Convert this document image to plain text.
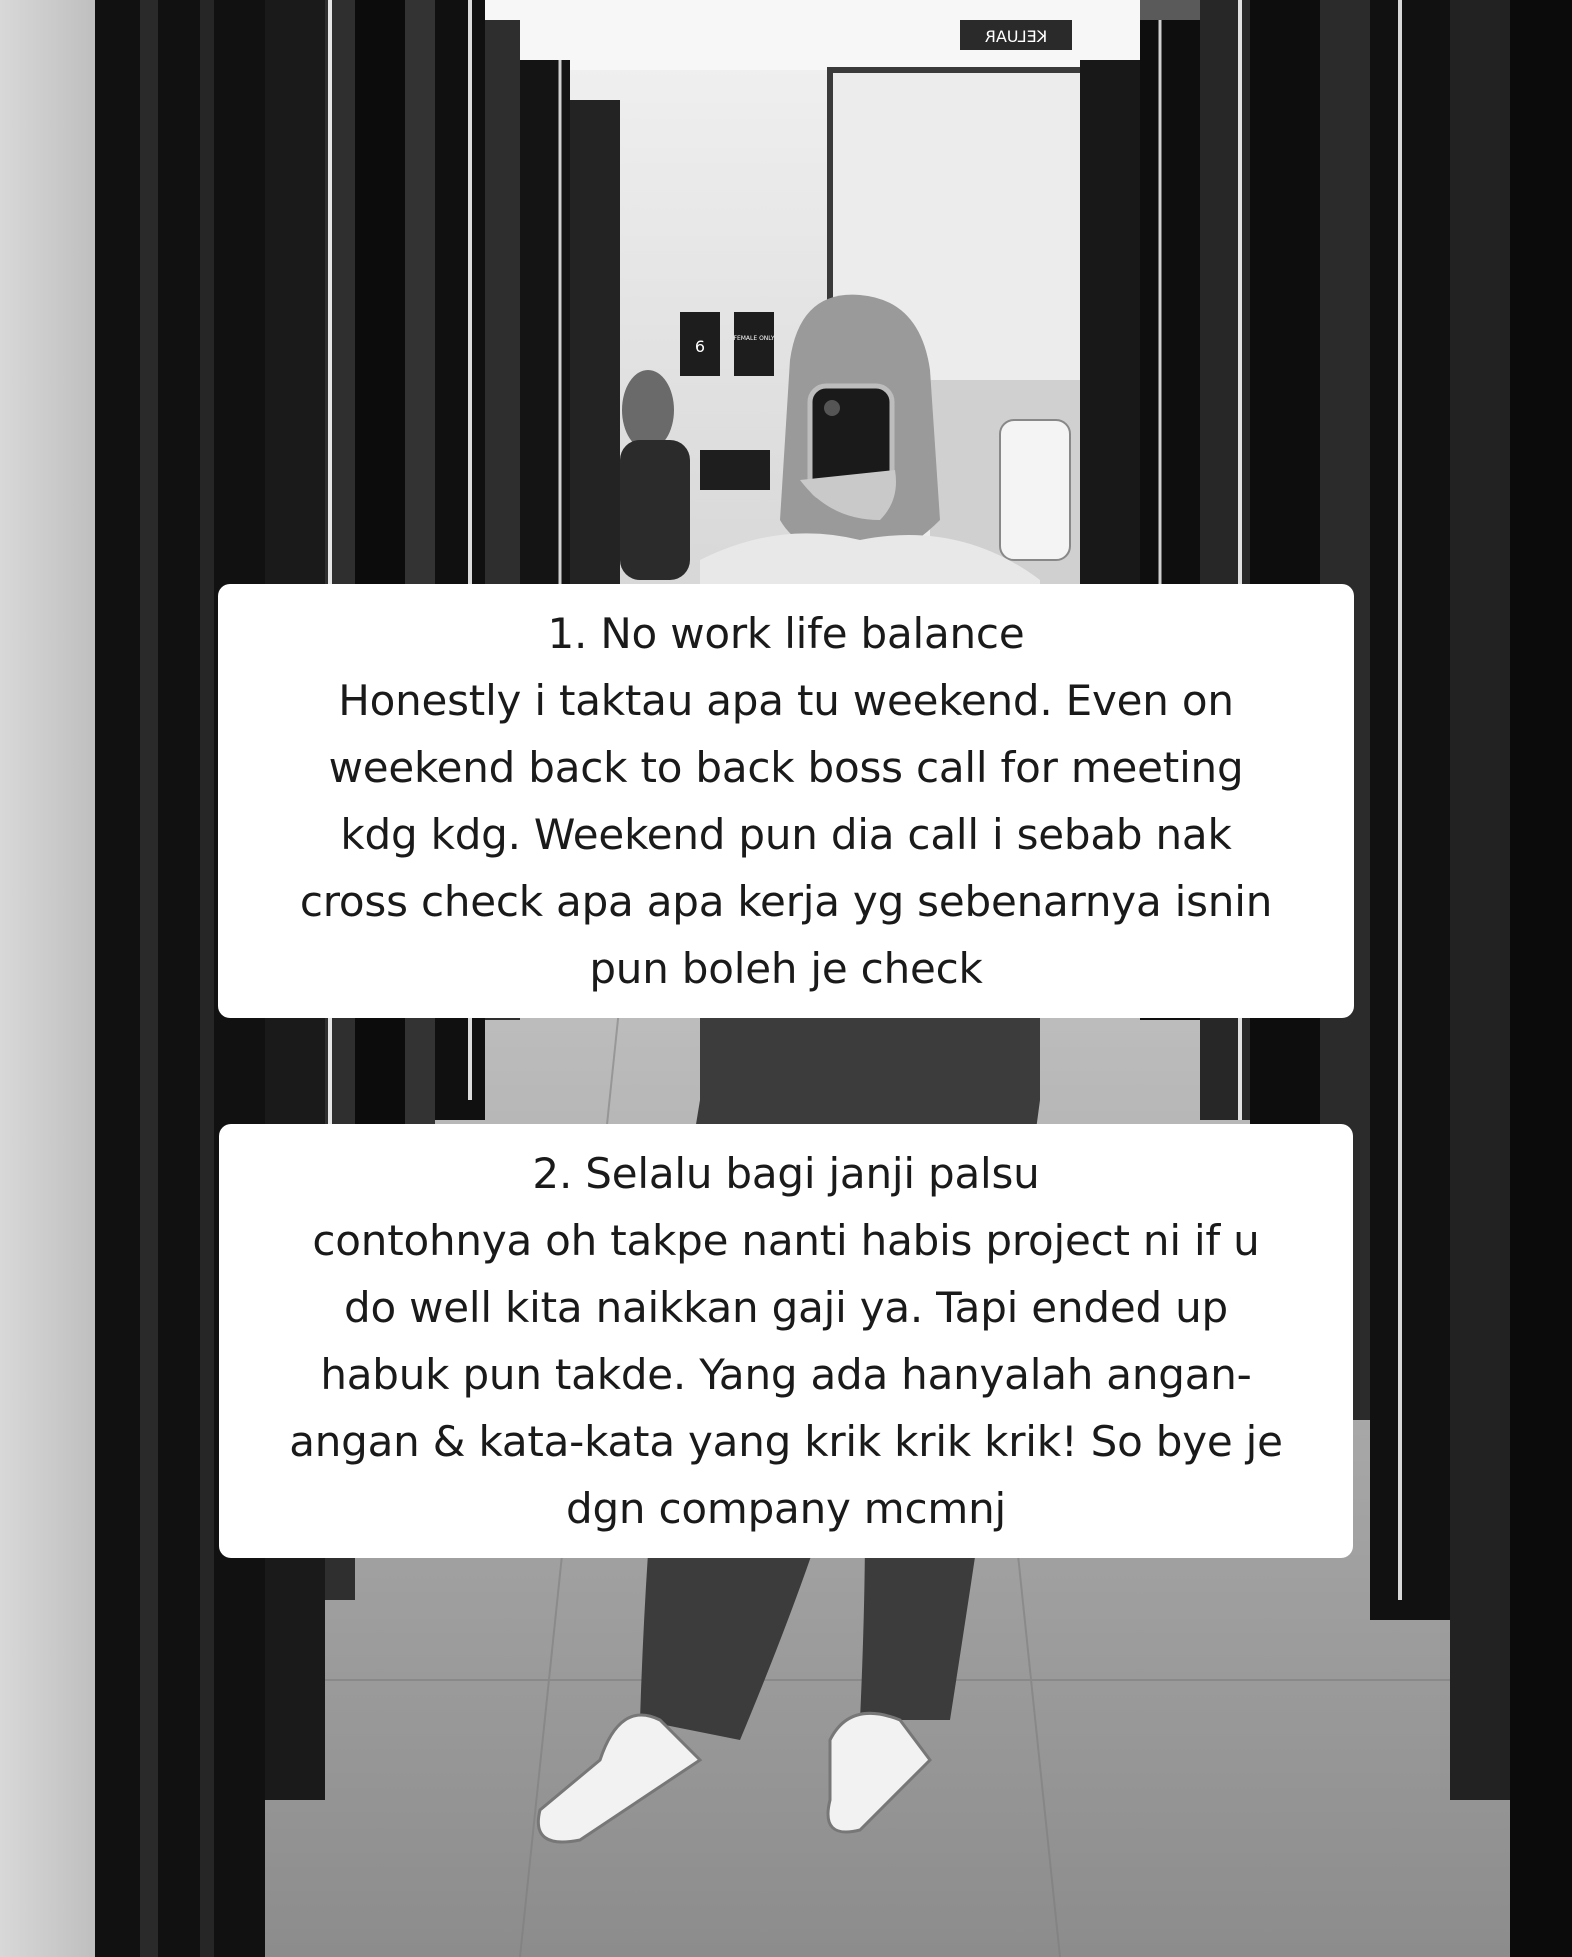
KELUAR
6	FEMALE ONLY
1. No work life balance
Honestly i taktau apa tu weekend. Even on
weekend back to back boss call for meeting
kdg kdg. Weekend pun dia call i sebab nak
cross check apa apa kerja yg sebenarnya isnin
pun boleh je check
2. Selalu bagi janji palsu
contohnya oh takpe nanti habis project ni if u
do well kita naikkan gaji ya. Tapi ended up
habuk pun takde. Yang ada hanyalah angan-
angan & kata-kata yang krik krik krik! So bye je
dgn company mcmnj
